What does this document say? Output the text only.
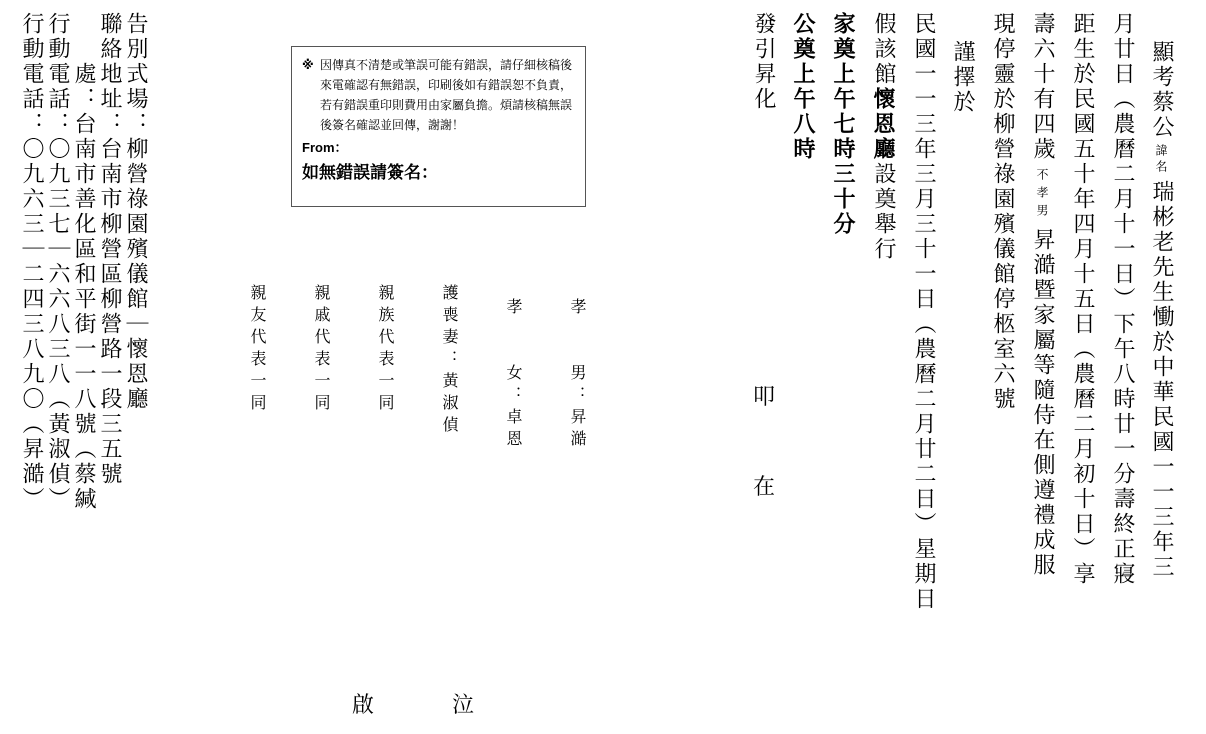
顯考蔡公諱名瑞彬老先生慟於中華民國一一三年三
月廿日（農曆二月十一日）下午八時廿一分壽終正寢
距生於民國五十年四月十五日（農曆二月初十日）享
壽六十有四歲不孝男昇澔暨家屬等隨侍在側遵禮成服
現停靈於柳營祿園殯儀館停柩室六號
謹擇於
民國一一三年三月三十一日（農曆二月廿二日）星期日
假該館懷恩廳設奠舉行
家奠上午七時三十分
公奠上午八時
發引昇化
叩
在
孝　　男：昇澔
孝　　女：卓恩
護喪妻：黃淑偵
親族代表一同
親戚代表一同
親友代表一同
※ 因傳真不清楚或筆誤可能有錯誤，請仔細核稿後來電確認有無錯誤，印刷後如有錯誤恕不負責，若有錯誤重印則費用由家屬負擔。煩請核稿無誤後簽名確認並回傳，謝謝！
From：
如無錯誤請簽名：
啟	泣
告別式場：柳營祿園殯儀館｜懷恩廳
聯絡地址：台南市柳營區柳營路一段三五號
　　處：台南市善化區和平街一一八號（蔡緘
行動電話：〇九三七｜六六八三八（黃淑偵）
行動電話：〇九六三｜二四三八九〇（昇澔）
